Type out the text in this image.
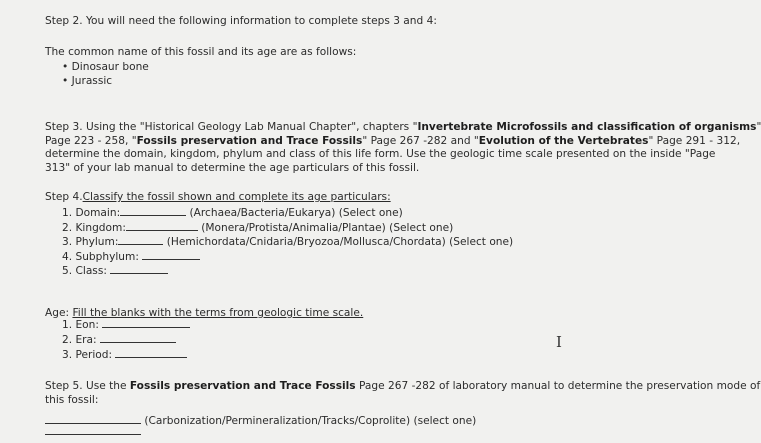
Step 2. You will need the following information to complete steps 3 and 4:
The common name of this fossil and its age are as follows:
• Dinosaur bone
• Jurassic
Step 3. Using the "Historical Geology Lab Manual Chapter", chapters "Invertebrate Microfossils and classification of organisms"
Page 223 - 258, "Fossils preservation and Trace Fossils" Page 267 -282 and "Evolution of the Vertebrates" Page 291 - 312,
determine the domain, kingdom, phylum and class of this life form. Use the geologic time scale presented on the inside "Page
313" of your lab manual to determine the age particulars of this fossil.
Step 4.Classify the fossil shown and complete its age particulars:
1. Domain:	(Archaea/Bacteria/Eukarya) (Select one)
2. Kingdom:	(Monera/Protista/Animalia/Plantae) (Select one)
3. Phylum:	(Hemichordata/Cnidaria/Bryozoa/Mollusca/Chordata) (Select one)
4. Subphylum:
5. Class:
Age: Fill the blanks with the terms from geologic time scale.
1. Eon:
2. Era:
3. Period:
I
Step 5. Use the Fossils preservation and Trace Fossils Page 267 -282 of laboratory manual to determine the preservation mode of
this fossil:
(Carbonization/Permineralization/Tracks/Coprolite) (select one)
